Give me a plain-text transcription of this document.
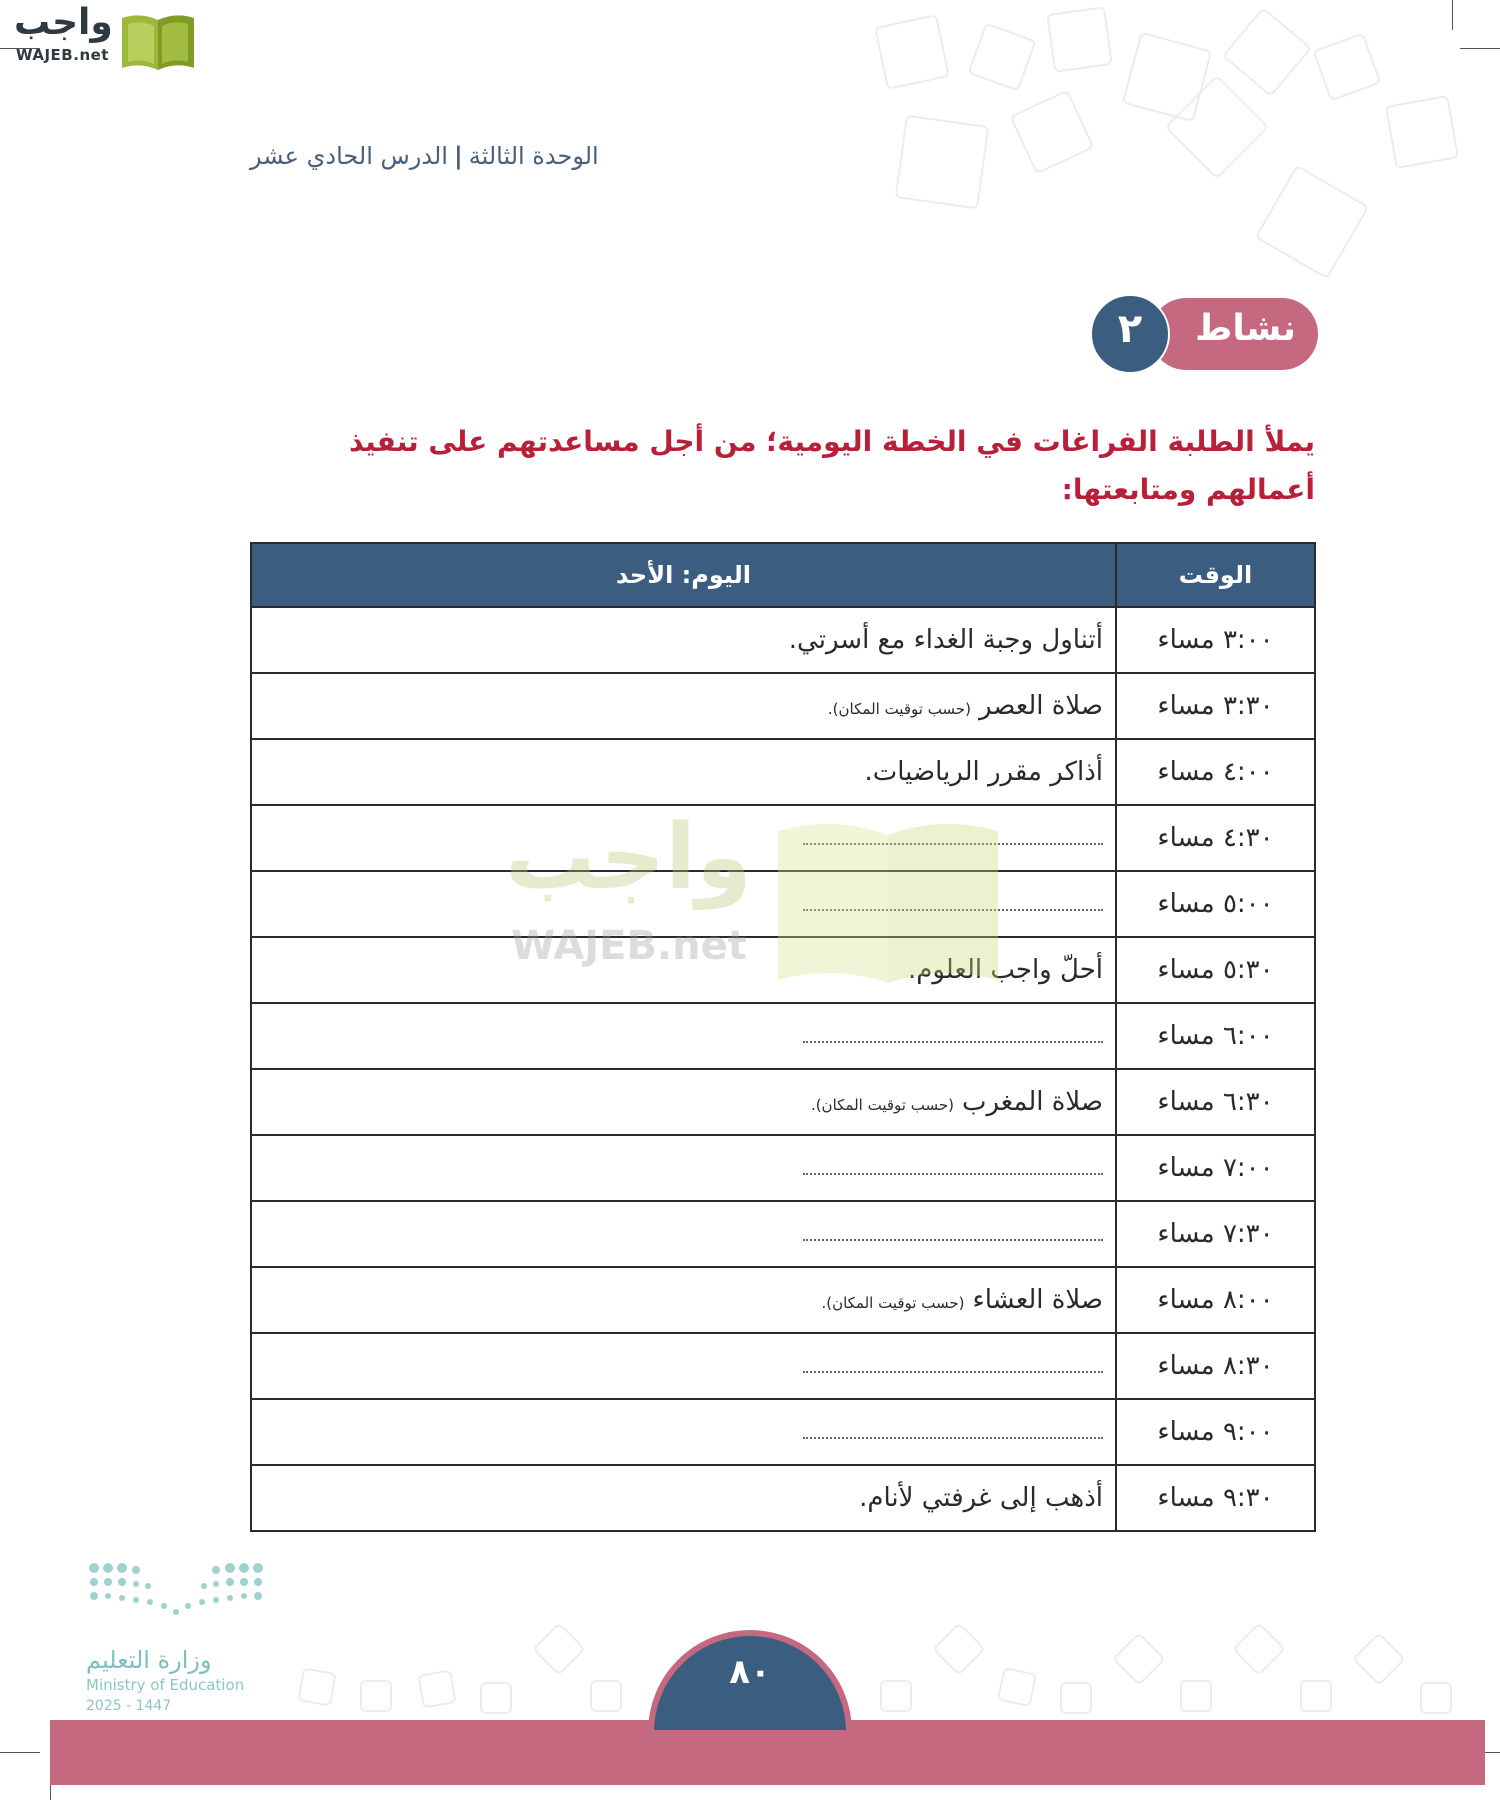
واجب
WAJEB.net
الوحدة الثالثة|الدرس الحادي عشر
نشاط
٢
يملأ الطلبة الفراغات في الخطة اليومية؛ من أجل مساعدتهم على تنفيذ أعمالهم ومتابعتها:
الوقت	اليوم: الأحد
٣:٠٠ مساء	أتناول وجبة الغداء مع أسرتي.
٣:٣٠ مساء	صلاة العصر(حسب توقيت المكان).
٤:٠٠ مساء	أذاكر مقرر الرياضيات.
٤:٣٠ مساء	
٥:٠٠ مساء	
٥:٣٠ مساء	أحلّ واجب العلوم.
٦:٠٠ مساء	
٦:٣٠ مساء	صلاة المغرب(حسب توقيت المكان).
٧:٠٠ مساء	
٧:٣٠ مساء	
٨:٠٠ مساء	صلاة العشاء(حسب توقيت المكان).
٨:٣٠ مساء	
٩:٠٠ مساء	
٩:٣٠ مساء	أذهب إلى غرفتي لأنام.
واجب
WAJEB.net
وزارة التعليم
Ministry of Education
2025 - 1447
٨٠
